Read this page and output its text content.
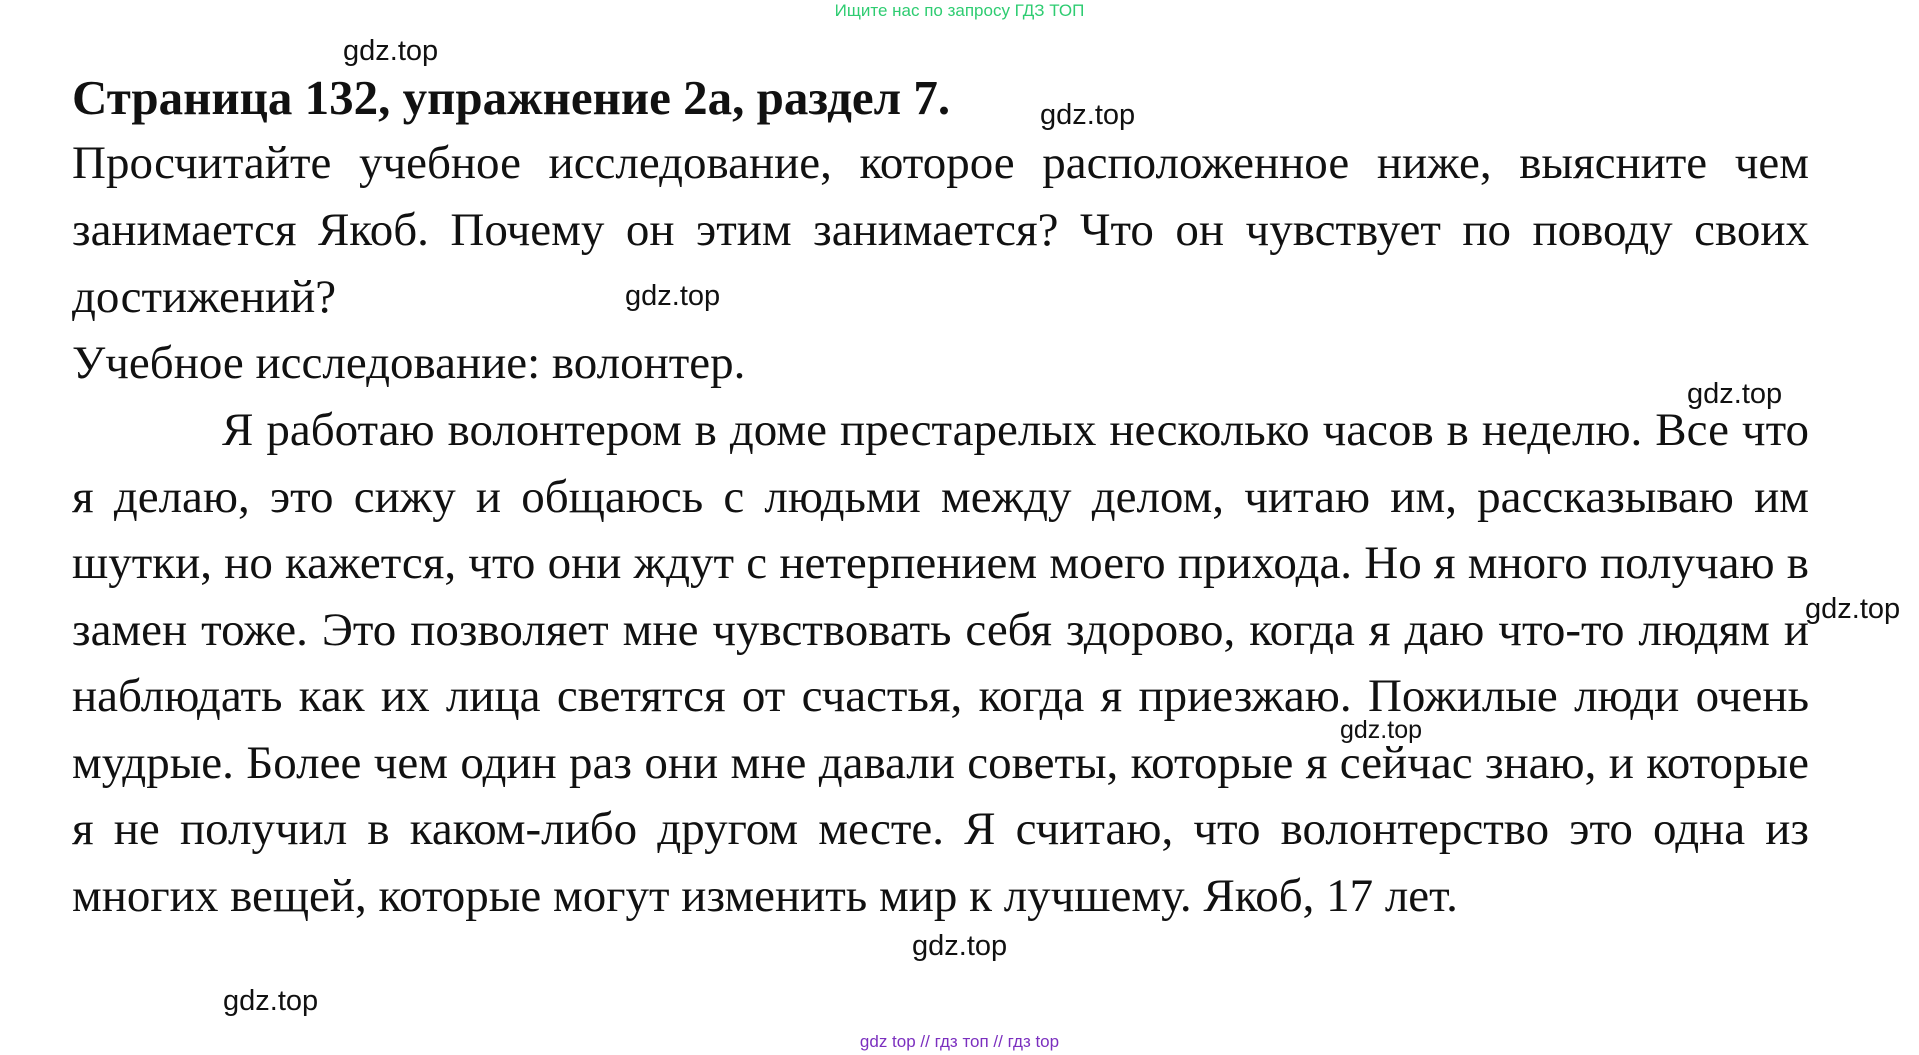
Ищите нас по запросу ГДЗ ТОП
Страница 132, упражнение 2а, раздел 7.

Просчитайте учебное исследование, которое расположенное ниже, выясните чем занимается Якоб. Почему он этим занимается? Что он чувствует по поводу своих достижений?

Учебное исследование: волонтер.

Я работаю волонтером в доме престарелых несколько часов в неделю. Все что я делаю, это сижу и общаюсь с людьми между делом, читаю им, рассказываю им шутки, но кажется, что они ждут с нетерпением моего прихода. Но я много получаю в замен тоже. Это позволяет мне чувствовать себя здорово, когда я даю что-то людям и наблюдать как их лица светятся от счастья, когда я приезжаю. Пожилые люди очень мудрые. Более чем один раз они мне давали советы, которые я сейчас знаю, и которые я не получил в каком-либо другом месте. Я считаю, что волонтерство это одна из многих вещей, которые могут изменить мир к лучшему. Якоб, 17 лет.

gdz.top
gdz.top
gdz.top
gdz.top
gdz.top
gdz.top
gdz.top
gdz.top
gdz top // гдз топ // гдз top
